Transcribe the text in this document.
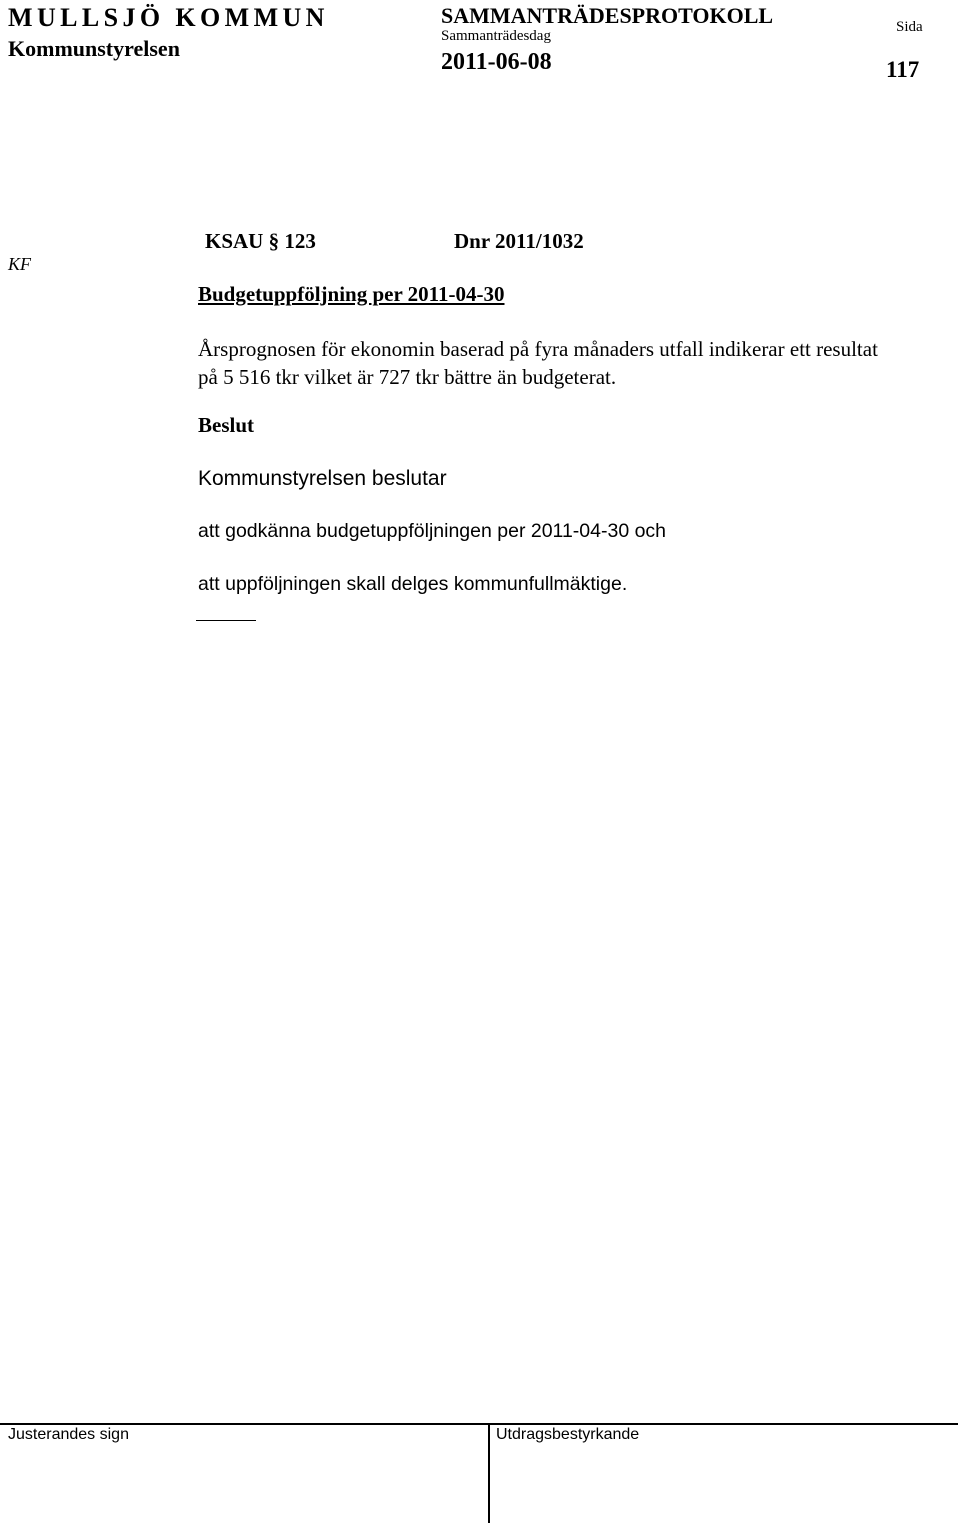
MULLSJÖ KOMMUN
Kommunstyrelsen
SAMMANTRÄDESPROTOKOLL
Sammanträdesdag
2011-06-08
Sida
117
KF
KSAU § 123	Dnr 2011/1032
Budgetuppföljning per 2011-04-30
Årsprognosen för ekonomin baserad på fyra månaders utfall indikerar ett resultat på 5 516 tkr vilket är 727 tkr bättre än budgeterat.
Beslut
Kommunstyrelsen beslutar
att godkänna budgetuppföljningen per 2011-04-30 och
att uppföljningen skall delges kommunfullmäktige.
Justerandes sign	Utdragsbestyrkande
